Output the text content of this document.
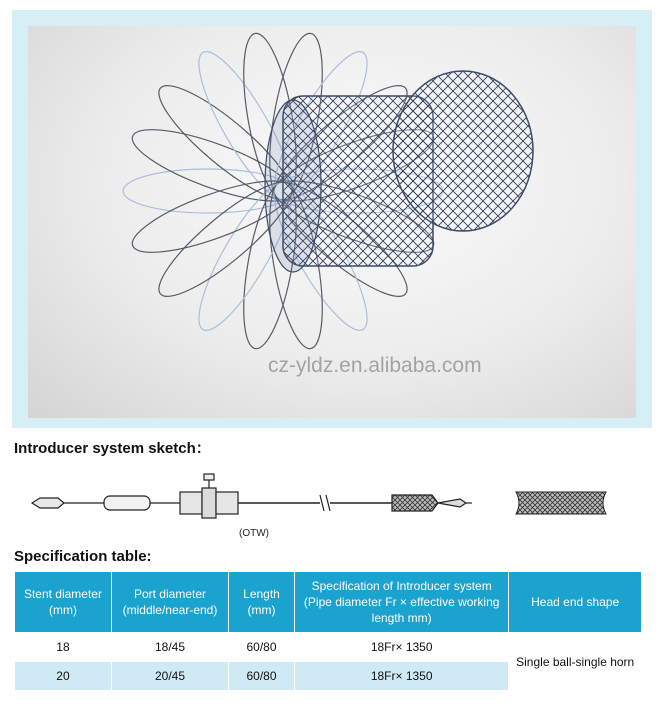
cz-yldz.en.alibaba.com
Introducer system sketch：
(OTW)
Specification table:
Stent diameter (mm)	Port diameter (middle/near-end)	Length (mm)	Specification of Introducer system (Pipe diameter Fr × effective working length mm)	Head end shape
18	18/45	60/80	18Fr× 1350	Single ball-single horn
20	20/45	60/80	18Fr× 1350	
